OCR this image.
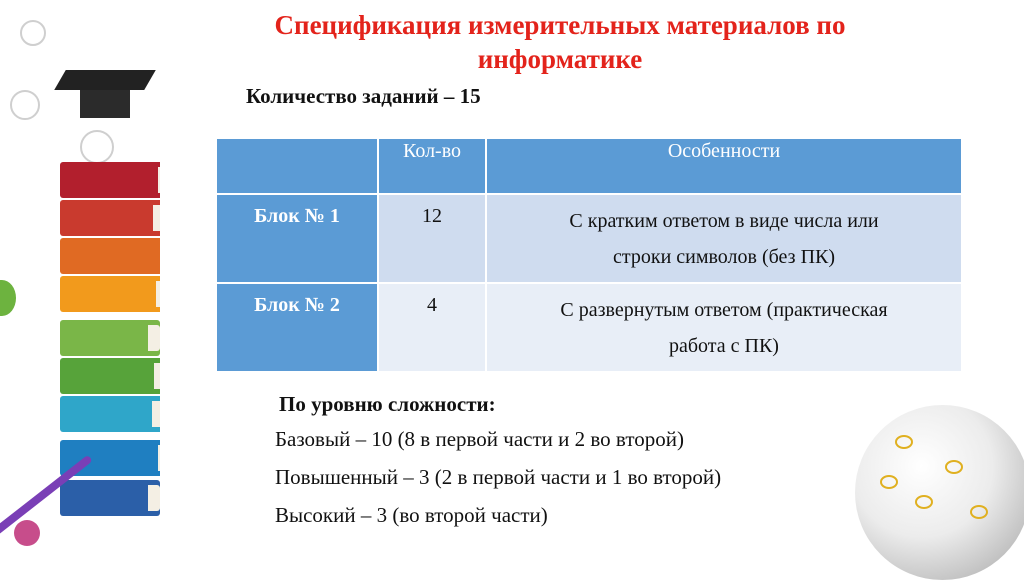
Спецификация измерительных материалов по информатике
Количество заданий – 15
	Кол-во	Особенности
Блок № 1	12	С кратким ответом в виде числа или
строки символов (без ПК)

Блок № 2	4	С развернутым ответом (практическая
работа с ПК)
По уровню сложности:
Базовый – 10 (8 в первой части и 2 во второй)
Повышенный – 3 (2 в первой части и 1 во второй)
Высокий – 3 (во второй части)
